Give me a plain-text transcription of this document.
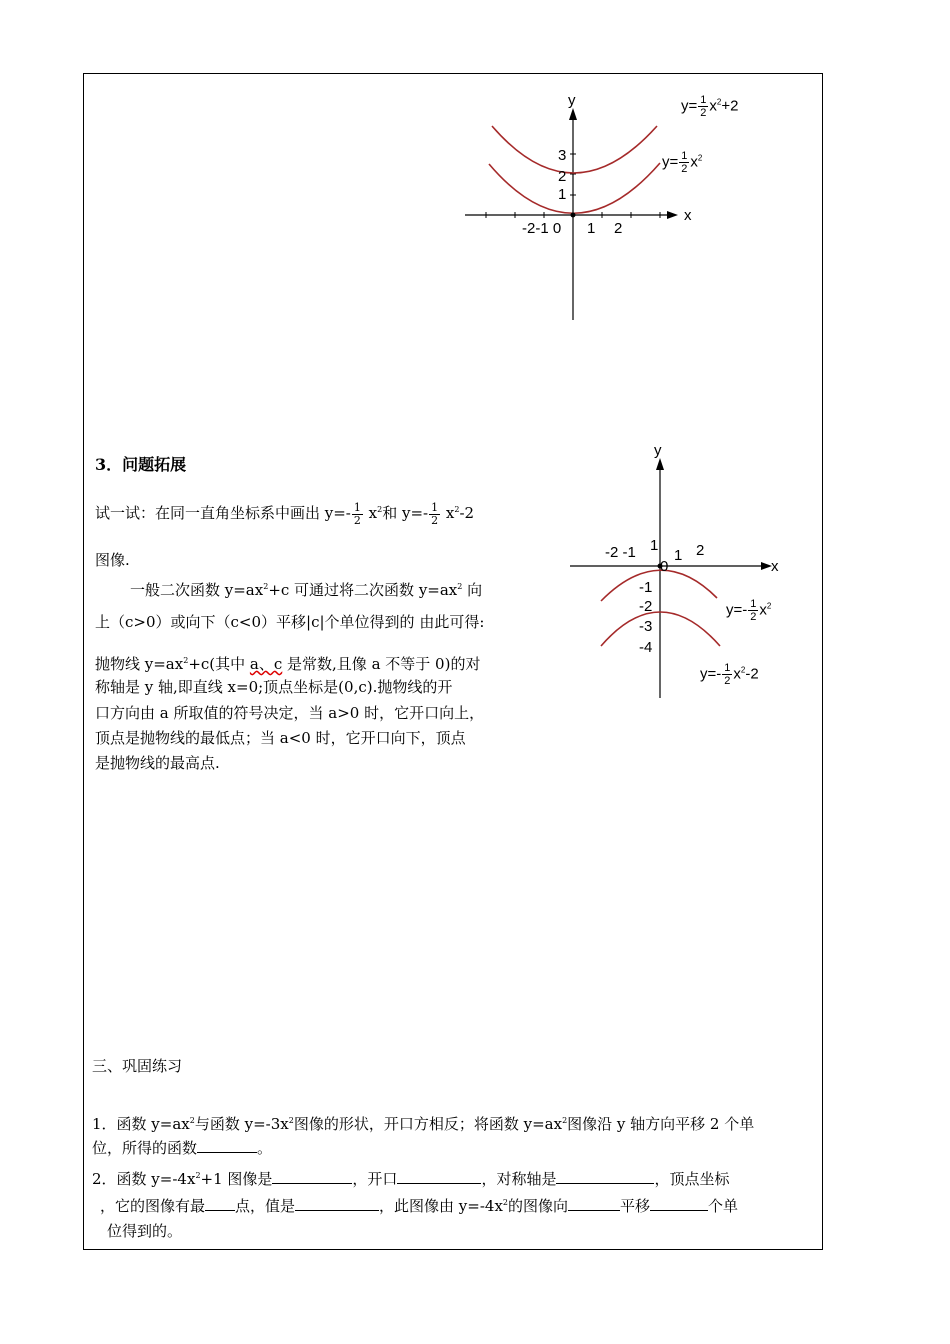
y
x
3
2
1
-2-1 0 1 2
$y= \frac{1}{2} x^2+2$
$y= \frac{1}{2} x^2$
y
x
-2 -1 1
1 2
0
-1
-2
-3
-4
$y=- \frac{1}{2} x^2$
$y=- \frac{1}{2} x^2-2$
3．问题拓展
试一试：在同一直角坐标系中画出 $y=- \frac{1}{2} x^2$和 $y=- \frac{1}{2} x^2-2$
图像.
一般二次函数 $y=ax^2+c$ 可通过将二次函数 $y=ax^2$ 向
上（c>0）或向下（c<0）平移|c|个单位得到的 由此可得:
抛物线 $y=ax^2+c$(其中 a、c 是常数,且像 a 不等于 0)的对
称轴是 y 轴,即直线 x=0;顶点坐标是(0,c).抛物线的开
口方向由 a 所取值的符号决定，当 a>0 时，它开口向上，
顶点是抛物线的最低点；当 a<0 时，它开口向下，顶点
是抛物线的最高点.
三、巩固练习
1．函数 $y=ax^2$与函数 $y=-3x^2$图像的形状，开口方相反；将函数 $y=ax^2$图像沿 y 轴方向平移 2 个单
位，所得的函数	。
2．函数 $y=-4x^2+1$ 图像是	，开口	，对称轴是	，顶点坐标
，它的图像有最 点，值是	，此图像由 $y=-4x^2$的图像向	平移	个单
位得到的。
